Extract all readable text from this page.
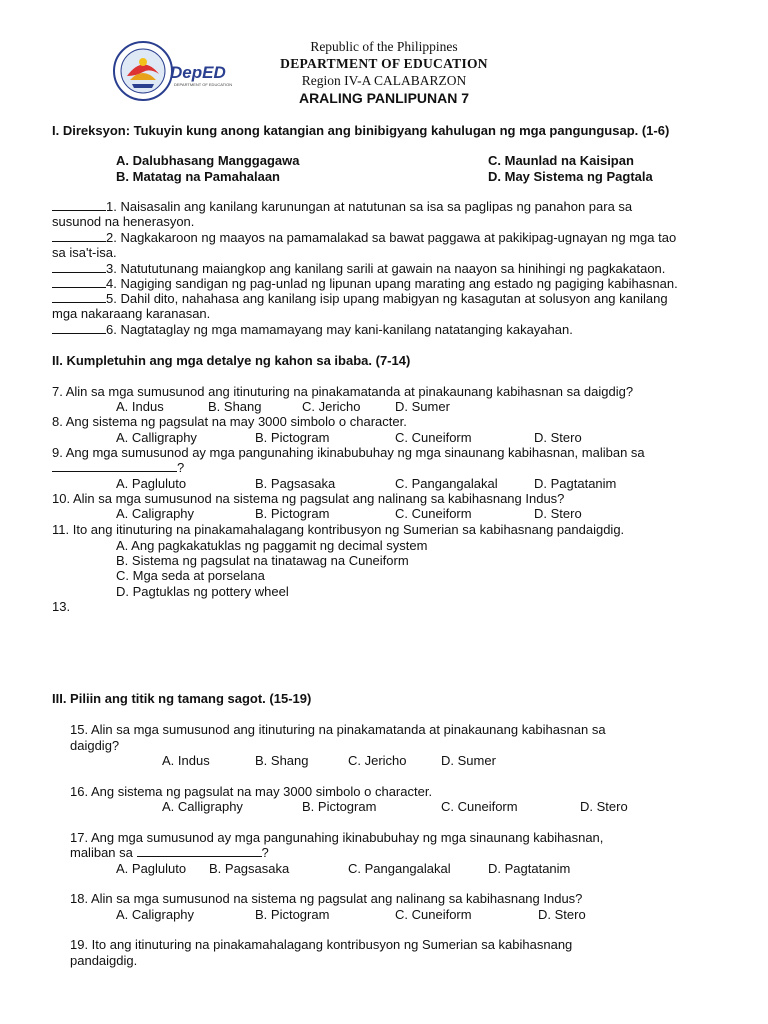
DepED
DEPARTMENT OF EDUCATION
Republic of the Philippines
DEPARTMENT OF EDUCATION
Region IV-A CALABARZON
ARALING PANLIPUNAN 7
I. Direksyon: Tukuyin kung anong katangian ang binibigyang kahulugan ng mga pangungusap. (1-6)
A. Dalubhasang Manggagawa	C. Maunlad na Kaisipan
B. Matatag na Pamahalaan	D. May Sistema ng Pagtala
1. Naisasalin ang kanilang karunungan at natutunan sa isa sa paglipas ng panahon para sa
susunod na henerasyon.
2. Nagkakaroon ng maayos na pamamalakad sa bawat paggawa at pakikipag-ugnayan ng mga tao
sa isa't-isa.
3. Natututunang maiangkop ang kanilang sarili at gawain na naayon sa hinihingi ng pagkakataon.
4. Nagiging sandigan ng pag-unlad ng lipunan upang marating ang estado ng pagiging kabihasnan.
5. Dahil dito, nahahasa ang kanilang isip upang mabigyan ng kasagutan at solusyon ang kanilang
mga nakaraang karanasan.
6. Nagtataglay ng mga mamamayang may kani-kanilang natatanging kakayahan.
II. Kumpletuhin ang mga detalye ng kahon sa ibaba. (7-14)
7. Alin sa mga sumusunod ang itinuturing na pinakamatanda at pinakaunang kabihasnan sa daigdig?
A. Indus	B. Shang	C. Jericho	D. Sumer
8. Ang sistema ng pagsulat na may 3000 simbolo o character.
A. Calligraphy	B. Pictogram	C. Cuneiform	D. Stero
9. Ang mga sumusunod ay mga pangunahing ikinabubuhay ng mga sinaunang kabihasnan, maliban sa
?
A. Pagluluto	B. Pagsasaka	C. Pangangalakal	D. Pagtatanim
10. Alin sa mga sumusunod na sistema ng pagsulat ang nalinang sa kabihasnang Indus?
A. Caligraphy	B. Pictogram	C. Cuneiform	D. Stero
11. Ito ang itinuturing na pinakamahalagang kontribusyon ng Sumerian sa kabihasnang pandaigdig.
A. Ang pagkakatuklas ng paggamit ng decimal system
B. Sistema ng pagsulat na tinatawag na Cuneiform
C. Mga seda at porselana
D. Pagtuklas ng pottery wheel
13.
III. Piliin ang titik ng tamang sagot. (15-19)
15. Alin sa mga sumusunod ang itinuturing na pinakamatanda at pinakaunang kabihasnan sa
daigdig?
A. Indus	B. Shang	C. Jericho	D. Sumer
16. Ang sistema ng pagsulat na may 3000 simbolo o character.
A. Calligraphy	B. Pictogram	C. Cuneiform	D. Stero
17. Ang mga sumusunod ay mga pangunahing ikinabubuhay ng mga sinaunang kabihasnan,
maliban sa	?
A. Pagluluto B. Pagsasaka	C. Pangangalakal	D. Pagtatanim
18. Alin sa mga sumusunod na sistema ng pagsulat ang nalinang sa kabihasnang Indus?
A. Caligraphy	B. Pictogram	C. Cuneiform	D. Stero
19. Ito ang itinuturing na pinakamahalagang kontribusyon ng Sumerian sa kabihasnang
pandaigdig.
